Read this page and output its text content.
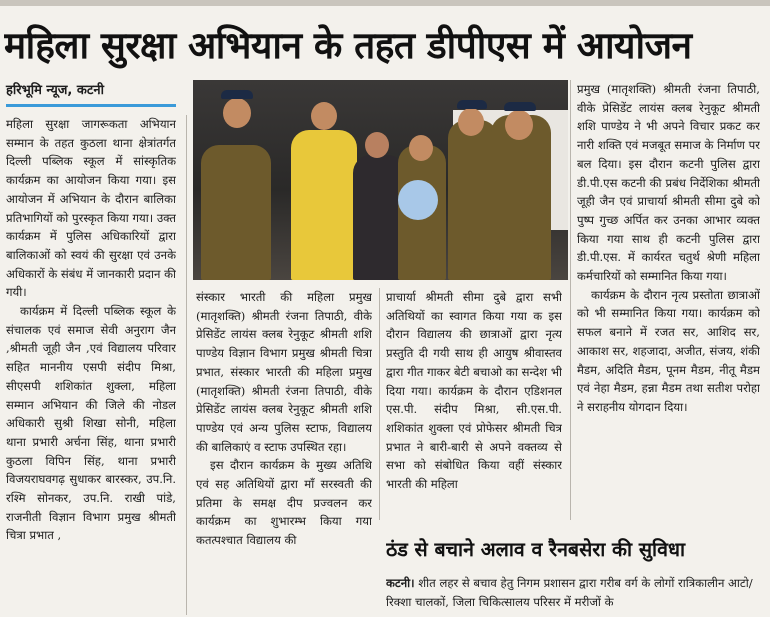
महिला सुरक्षा अभियान के तहत डीपीएस में आयोजन
हरिभूमि न्यूज, कटनी

महिला सुरक्षा जागरूकता अभियान सम्मान के तहत कुठला थाना क्षेत्रांतर्गत दिल्ली पब्लिक स्कूल में सांस्कृतिक कार्यक्रम का आयोजन किया गया। इस आयोजन में अभियान के दौरान बालिका प्रतिभागियों को पुरस्कृत किया गया। उक्त कार्यक्रम में पुलिस अधिकारियों द्वारा बालिकाओं को स्वयं की सुरक्षा एवं उनके अधिकारों के संबंध में जानकारी प्रदान की गयी।

कार्यक्रम में दिल्ली पब्लिक स्कूल के संचालक एवं समाज सेवी अनुराग जैन ,श्रीमती जूही जैन ,एवं विद्यालय परिवार सहित माननीय एसपी संदीप मिश्रा, सीएसपी शशिकांत शुक्ला, महिला सम्मान अभियान की जिले की नोडल अधिकारी सुश्री शिखा सोनी, महिला थाना प्रभारी अर्चना सिंह, थाना प्रभारी कुठला विपिन सिंह, थाना प्रभारी विजयराघवगढ़ सुधाकर बारस्कर, उप.नि. रश्मि सोनकर, उप.नि. राखी पांडे, राजनीती विज्ञान विभाग प्रमुख श्रीमती चित्रा प्रभात ,

संस्कार भारती की महिला प्रमुख (मातृशक्ति) श्रीमती रंजना तिपाठी, वीके प्रेसिडेंट लायंस क्लब रेनुकूट श्रीमती शशि पाण्डेय विज्ञान विभाग प्रमुख श्रीमती चित्रा प्रभात, संस्कार भारती की महिला प्रमुख (मातृशक्ति) श्रीमती रंजना तिपाठी, वीके प्रेसिडेंट लायंस क्लब रेनुकूट श्रीमती शशि पाण्डेय एवं अन्य पुलिस स्टाफ, विद्यालय की बालिकाएं व स्टाफ उपस्थित रहा।

इस दौरान कार्यक्रम के मुख्य अतिथि एवं सह अतिथियों द्वारा माँ सरस्वती की प्रतिमा के समक्ष दीप प्रज्वलन कर कार्यक्रम का शुभारम्भ किया गया कतत्पश्चात विद्यालय की

प्राचार्या श्रीमती सीमा दुबे द्वारा सभी अतिथियों का स्वागत किया गया क इस दौरान विद्यालय की छात्राओं द्वारा नृत्य प्रस्तुति दी गयी साथ ही आयुष श्रीवास्तव द्वारा गीत गाकर बेटी बचाओ का सन्देश भी दिया गया। कार्यक्रम के दौरान एडिशनल एस.पी. संदीप मिश्रा, सी.एस.पी. शशिकांत शुक्ला एवं प्रोफेसर श्रीमती चित्र प्रभात ने बारी-बारी से अपने वक्तव्य से सभा को संबोधित किया वहीं संस्कार भारती की महिला

प्रमुख (मातृशक्ति) श्रीमती रंजना तिपाठी, वीके प्रेसिडेंट लायंस क्लब रेनुकूट श्रीमती शशि पाण्डेय ने भी अपने विचार प्रकट कर नारी शक्ति एवं मजबूत समाज के निर्माण पर बल दिया। इस दौरान कटनी पुलिस द्वारा डी.पी.एस कटनी की प्रबंध निर्देशिका श्रीमती जूही जैन एवं प्राचार्या श्रीमती सीमा दुबे को पुष्प गुच्छ अर्पित कर उनका आभार व्यक्त किया गया साथ ही कटनी पुलिस द्वारा डी.पी.एस. में कार्यरत चतुर्थ श्रेणी महिला कर्मचारियों को सम्मानित किया गया।

कार्यक्रम के दौरान नृत्य प्रस्तोता छात्राओं को भी सम्मानित किया गया। कार्यक्रम को सफल बनाने में रजत सर, आशिद सर, आकाश सर, शहजादा, अजीत, संजय, शंकी मैडम, अदिति मैडम, पूनम मैडम, नीतू मैडम एवं नेहा मैडम, हन्ना मैडम तथा सतीश परोहा ने सराहनीय योगदान दिया।

ठंड से बचाने अलाव व रैनबसेरा की सुविधा
कटनी। शीत लहर से बचाव हेतु निगम प्रशासन द्वारा गरीब वर्ग के लोगों रात्रिकालीन आटो/रिक्शा चालकों, जिला चिकित्सालय परिसर में मरीजों के
